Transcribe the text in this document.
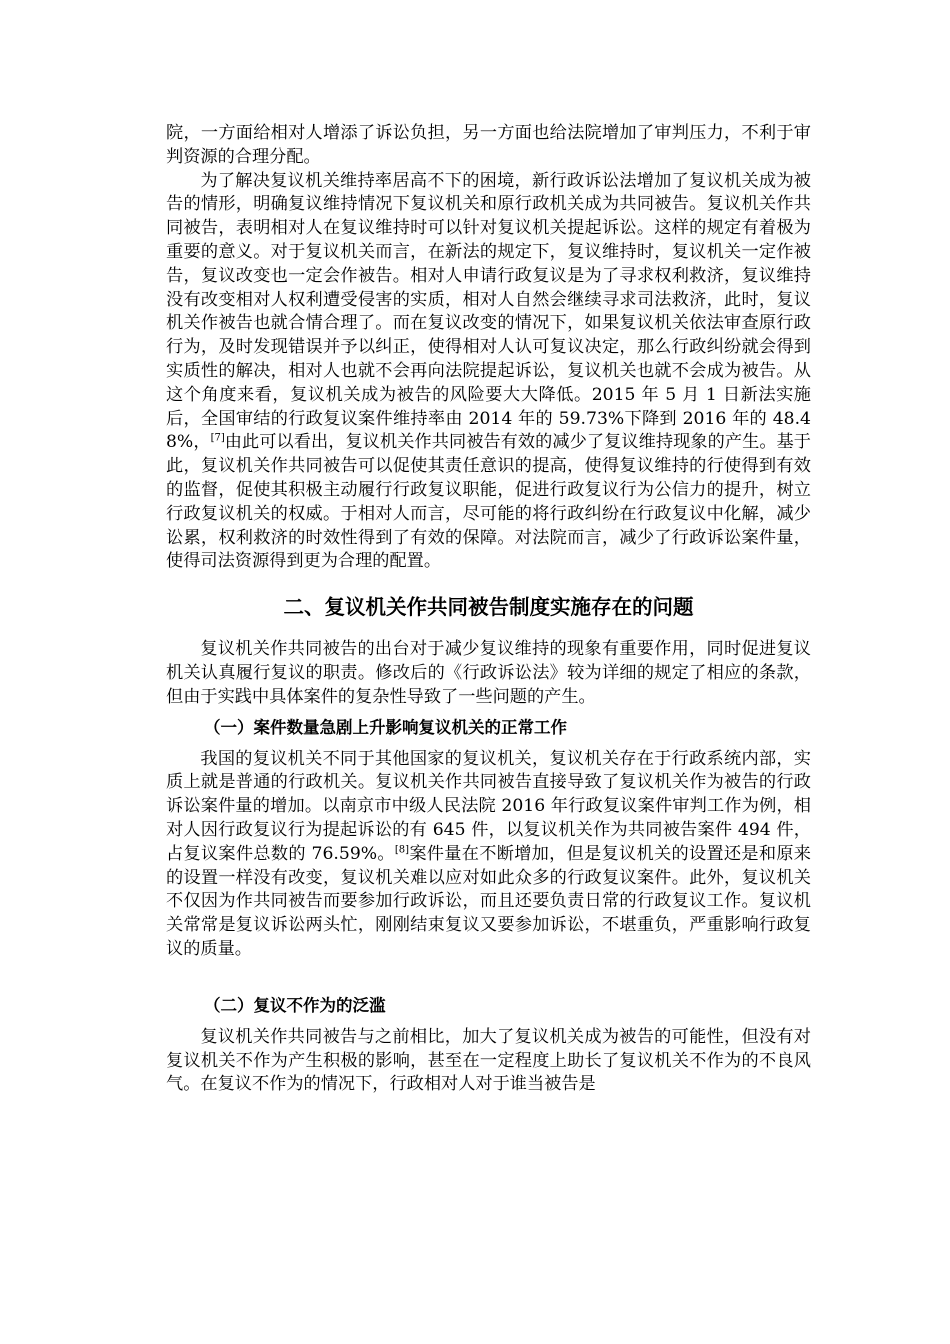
院，一方面给相对人增添了诉讼负担，另一方面也给法院增加了审判压力，不利于审判资源的合理分配。

为了解决复议机关维持率居高不下的困境，新行政诉讼法增加了复议机关成为被告的情形，明确复议维持情况下复议机关和原行政机关成为共同被告。复议机关作共同被告，表明相对人在复议维持时可以针对复议机关提起诉讼。这样的规定有着极为重要的意义。对于复议机关而言，在新法的规定下，复议维持时，复议机关一定作被告，复议改变也一定会作被告。相对人申请行政复议是为了寻求权利救济，复议维持没有改变相对人权利遭受侵害的实质，相对人自然会继续寻求司法救济，此时，复议机关作被告也就合情合理了。而在复议改变的情况下，如果复议机关依法审查原行政行为，及时发现错误并予以纠正，使得相对人认可复议决定，那么行政纠纷就会得到实质性的解决，相对人也就不会再向法院提起诉讼，复议机关也就不会成为被告。从这个角度来看，复议机关成为被告的风险要大大降低。2015 年 5 月 1 日新法实施后，全国审结的行政复议案件维持率由 2014 年的 59.73%下降到 2016 年的 48.48%，[7]由此可以看出，复议机关作共同被告有效的减少了复议维持现象的产生。基于此，复议机关作共同被告可以促使其责任意识的提高，使得复议维持的行使得到有效的监督，促使其积极主动履行行政复议职能，促进行政复议行为公信力的提升，树立行政复议机关的权威。于相对人而言，尽可能的将行政纠纷在行政复议中化解，减少讼累，权利救济的时效性得到了有效的保障。对法院而言，减少了行政诉讼案件量，使得司法资源得到更为合理的配置。

二、复议机关作共同被告制度实施存在的问题

复议机关作共同被告的出台对于减少复议维持的现象有重要作用，同时促进复议机关认真履行复议的职责。修改后的《行政诉讼法》较为详细的规定了相应的条款，但由于实践中具体案件的复杂性导致了一些问题的产生。

（一）案件数量急剧上升影响复议机关的正常工作

我国的复议机关不同于其他国家的复议机关，复议机关存在于行政系统内部，实质上就是普通的行政机关。复议机关作共同被告直接导致了复议机关作为被告的行政诉讼案件量的增加。以南京市中级人民法院 2016 年行政复议案件审判工作为例，相对人因行政复议行为提起诉讼的有 645 件，以复议机关作为共同被告案件 494 件，占复议案件总数的 76.59%。[8]案件量在不断增加，但是复议机关的设置还是和原来的设置一样没有改变，复议机关难以应对如此众多的行政复议案件。此外，复议机关不仅因为作共同被告而要参加行政诉讼，而且还要负责日常的行政复议工作。复议机关常常是复议诉讼两头忙，刚刚结束复议又要参加诉讼，不堪重负，严重影响行政复议的质量。

（二）复议不作为的泛滥

复议机关作共同被告与之前相比，加大了复议机关成为被告的可能性，但没有对复议机关不作为产生积极的影响，甚至在一定程度上助长了复议机关不作为的不良风气。在复议不作为的情况下，行政相对人对于谁当被告是
